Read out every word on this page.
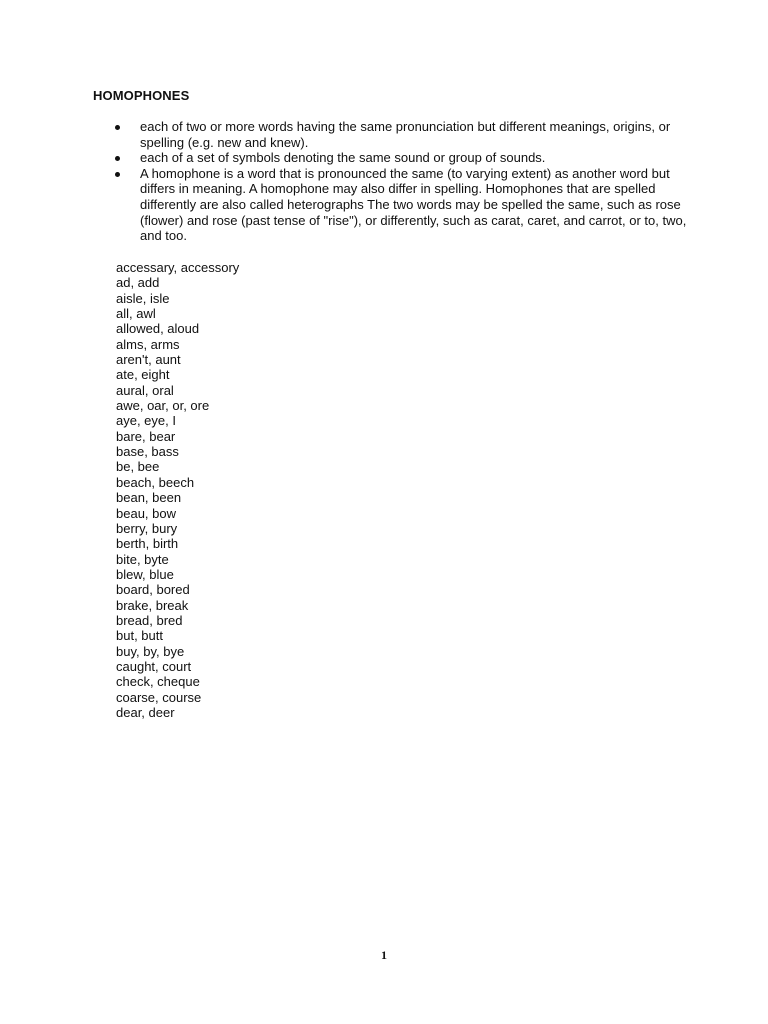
HOMOPHONES
each of two or more words having the same pronunciation but different meanings, origins, or spelling (e.g. new and knew).
each of a set of symbols denoting the same sound or group of sounds.
A homophone is a word that is pronounced the same (to varying extent) as another word but differs in meaning. A homophone may also differ in spelling. Homophones that are spelled differently are also called heterographs The two words may be spelled the same, such as rose (flower) and rose (past tense of "rise"), or differently, such as carat, caret, and carrot, or to, two, and too.
accessary, accessory
ad, add
aisle, isle
all, awl
allowed, aloud
alms, arms
aren't, aunt
ate, eight
aural, oral
awe, oar, or, ore
aye, eye, I
bare, bear
base, bass
be, bee
beach, beech
bean, been
beau, bow
berry, bury
berth, birth
bite, byte
blew, blue
board, bored
brake, break
bread, bred
but, butt
buy, by, bye
caught, court
check, cheque
coarse, course
dear, deer
1
